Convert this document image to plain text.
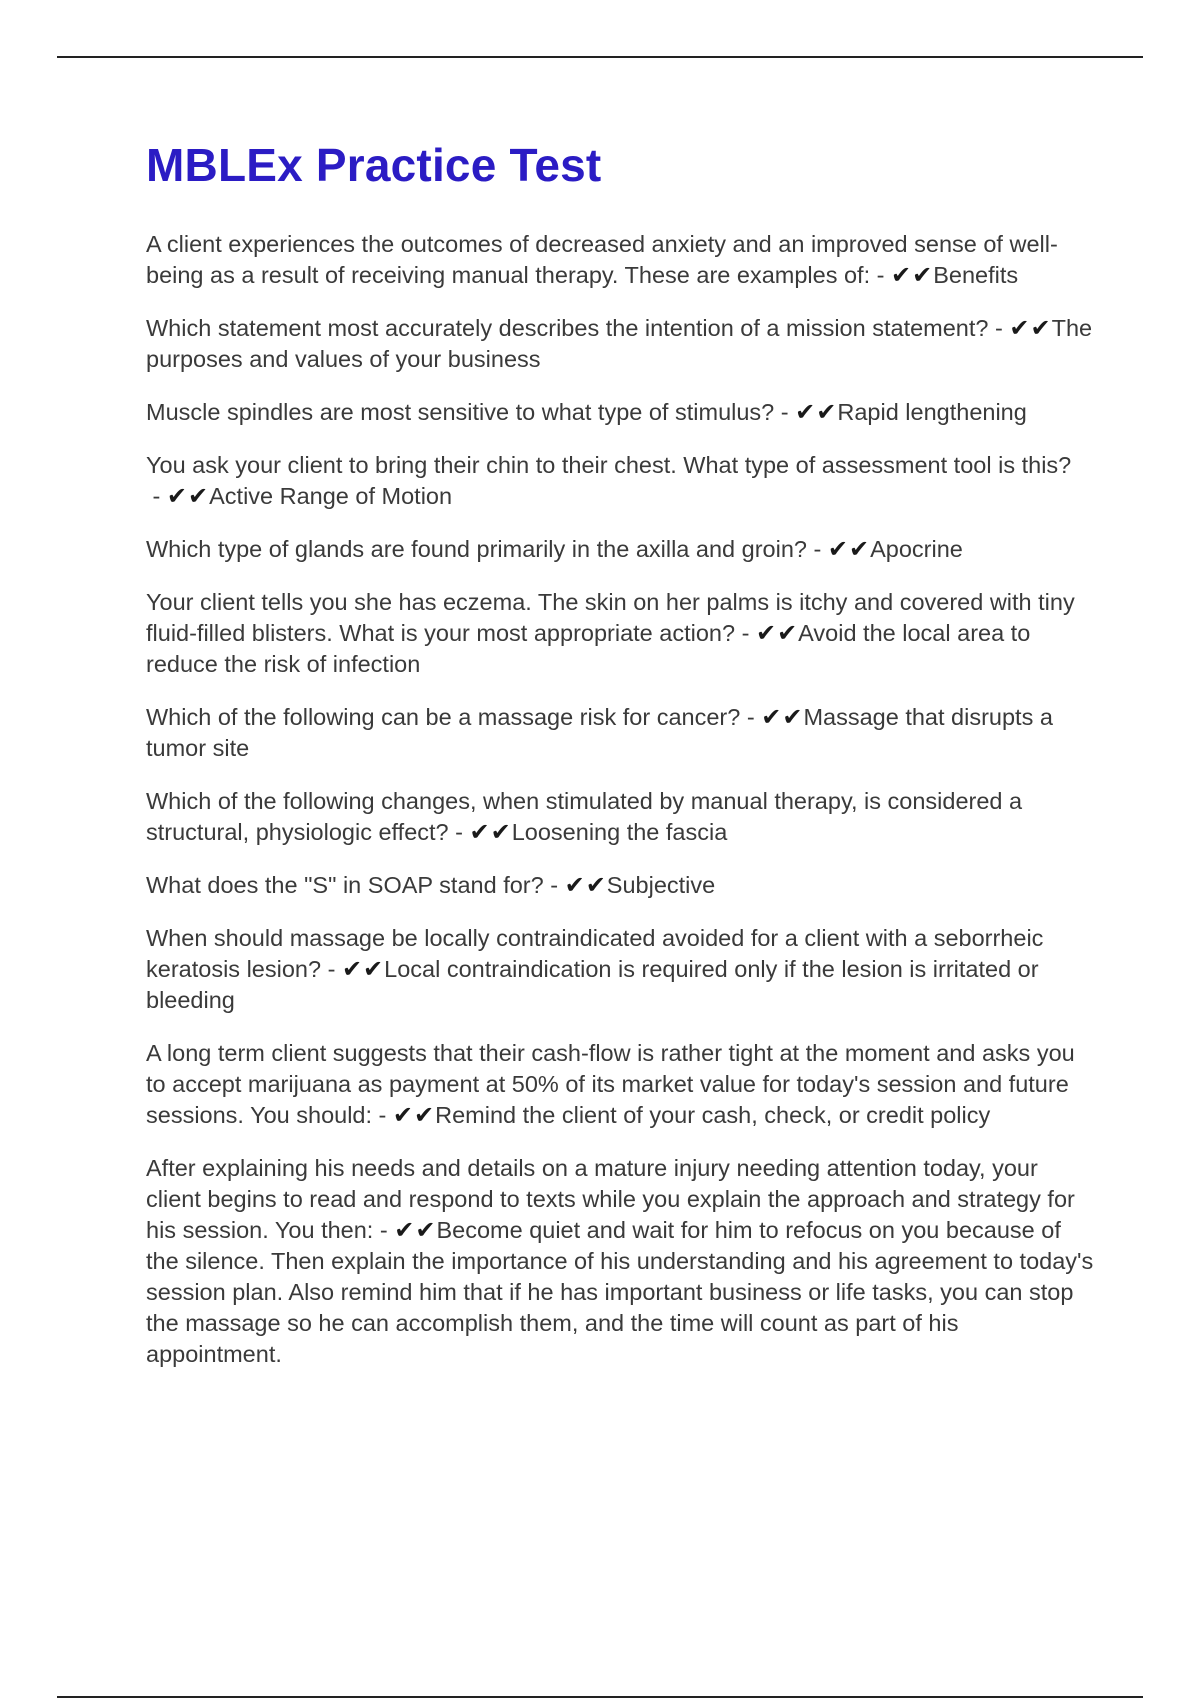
MBLEx Practice Test

A client experiences the outcomes of decreased anxiety and an improved sense of well-being as a result of receiving manual therapy. These are examples of: - ✔✔Benefits

Which statement most accurately describes the intention of a mission statement? - ✔✔The purposes and values of your business

Muscle spindles are most sensitive to what type of stimulus? - ✔✔Rapid lengthening

You ask your client to bring their chin to their chest. What type of assessment tool is this? - ✔✔Active Range of Motion

Which type of glands are found primarily in the axilla and groin? - ✔✔Apocrine

Your client tells you she has eczema. The skin on her palms is itchy and covered with tiny fluid-filled blisters. What is your most appropriate action? - ✔✔Avoid the local area to reduce the risk of infection

Which of the following can be a massage risk for cancer? - ✔✔Massage that disrupts a tumor site

Which of the following changes, when stimulated by manual therapy, is considered a structural, physiologic effect? - ✔✔Loosening the fascia

What does the "S" in SOAP stand for? - ✔✔Subjective

When should massage be locally contraindicated avoided for a client with a seborrheic keratosis lesion? - ✔✔Local contraindication is required only if the lesion is irritated or bleeding

A long term client suggests that their cash-flow is rather tight at the moment and asks you to accept marijuana as payment at 50% of its market value for today's session and future sessions. You should: - ✔✔Remind the client of your cash, check, or credit policy

After explaining his needs and details on a mature injury needing attention today, your client begins to read and respond to texts while you explain the approach and strategy for his session. You then: - ✔✔Become quiet and wait for him to refocus on you because of the silence. Then explain the importance of his understanding and his agreement to today's session plan. Also remind him that if he has important business or life tasks, you can stop the massage so he can accomplish them, and the time will count as part of his appointment.
